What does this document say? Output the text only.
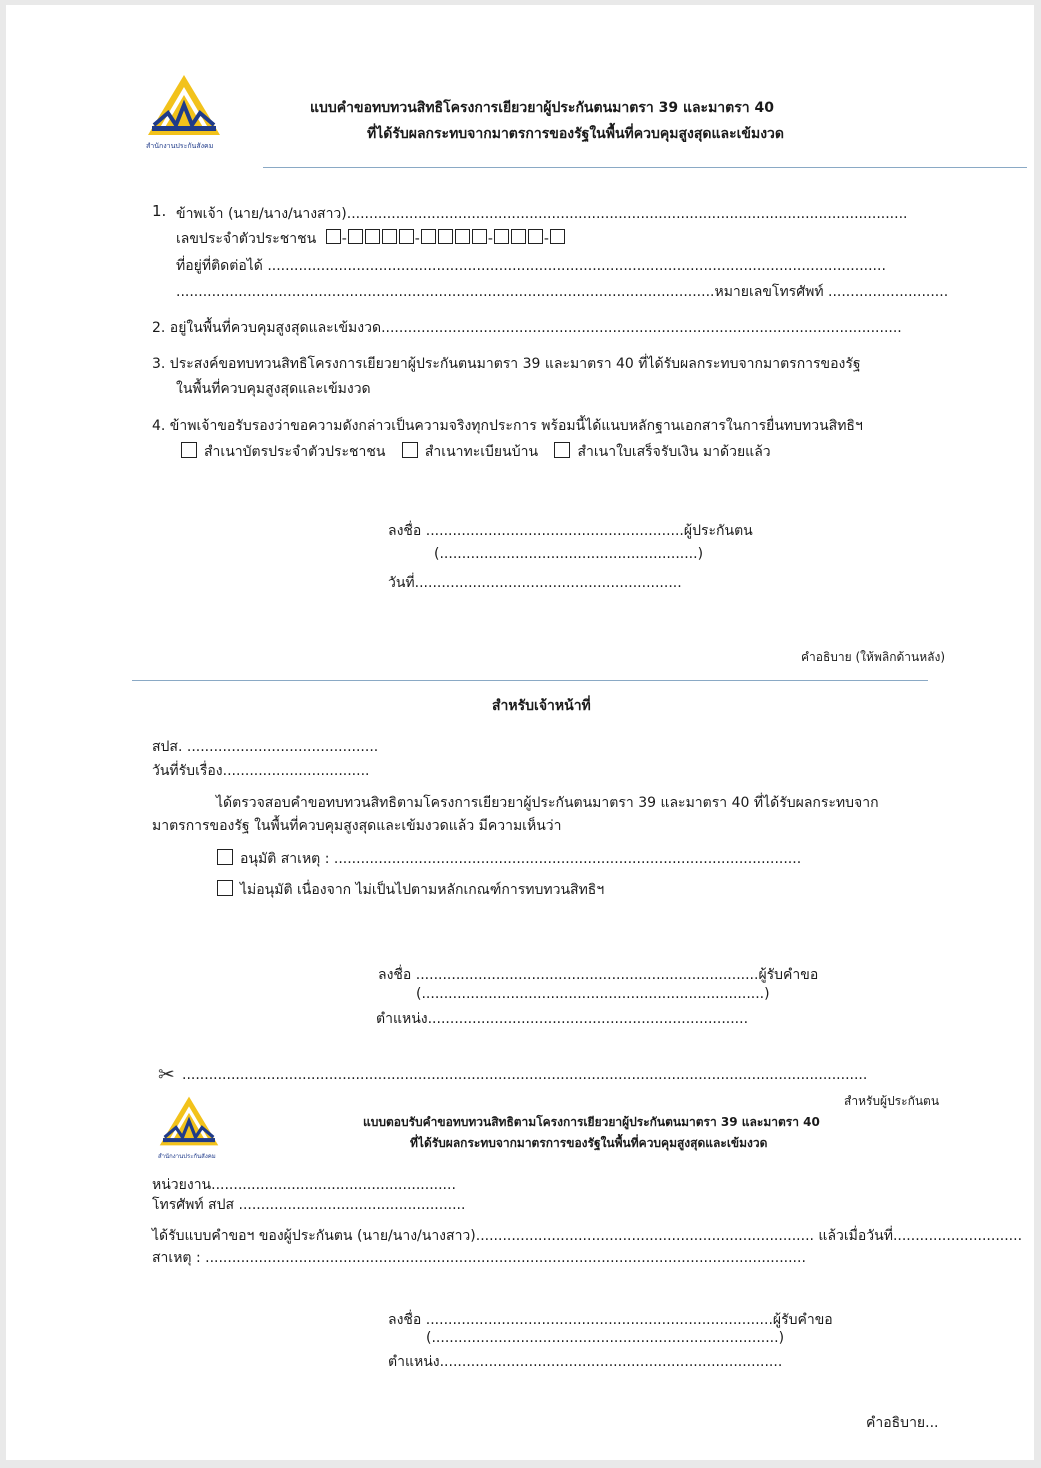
สำนักงานประกันสังคม
แบบคำขอทบทวนสิทธิโครงการเยียวยาผู้ประกันตนมาตรา 39 และมาตรา 40
ที่ได้รับผลกระทบจากมาตรการของรัฐในพื้นที่ควบคุมสูงสุดและเข้มงวด
1. ข้าพเจ้า (นาย/นาง/นางสาว)..............................................................................................................................
เลขประจำตัวประชาชน -	-	-	-
ที่อยู่ที่ติดต่อได้ ...........................................................................................................................................
.........................................................................................................................หมายเลขโทรศัพท์ ...........................
2. อยู่ในพื้นที่ควบคุมสูงสุดและเข้มงวด.....................................................................................................................
3. ประสงค์ขอทบทวนสิทธิโครงการเยียวยาผู้ประกันตนมาตรา 39 และมาตรา 40 ที่ได้รับผลกระทบจากมาตรการของรัฐ
ในพื้นที่ควบคุมสูงสุดและเข้มงวด
4. ข้าพเจ้าขอรับรองว่าขอความดังกล่าวเป็นความจริงทุกประการ พร้อมนี้ได้แนบหลักฐานเอกสารในการยื่นทบทวนสิทธิฯ
สำเนาบัตรประจำตัวประชาชน	สำเนาทะเบียนบ้าน	สำเนาใบเสร็จรับเงิน มาด้วยแล้ว
ลงชื่อ ..........................................................ผู้ประกันตน
(..........................................................)
วันที่............................................................
คำอธิบาย (ให้พลิกด้านหลัง)
สำหรับเจ้าหน้าที่
สปส. ...........................................
วันที่รับเรื่อง.................................
ได้ตรวจสอบคำขอทบทวนสิทธิตามโครงการเยียวยาผู้ประกันตนมาตรา 39 และมาตรา 40 ที่ได้รับผลกระทบจาก
มาตรการของรัฐ ในพื้นที่ควบคุมสูงสุดและเข้มงวดแล้ว มีความเห็นว่า
อนุมัติ สาเหตุ : .........................................................................................................
ไม่อนุมัติ เนื่องจาก ไม่เป็นไปตามหลักเกณฑ์การทบทวนสิทธิฯ
ลงชื่อ .............................................................................ผู้รับคำขอ
(.............................................................................)
ตำแหน่ง........................................................................
✂ ..........................................................................................................................................................
สำหรับผู้ประกันตน
สำนักงานประกันสังคม
แบบตอบรับคำขอทบทวนสิทธิตามโครงการเยียวยาผู้ประกันตนมาตรา 39 และมาตรา 40
ที่ได้รับผลกระทบจากมาตรการของรัฐในพื้นที่ควบคุมสูงสุดและเข้มงวด
หน่วยงาน.......................................................
โทรศัพท์ สปส ...................................................
ได้รับแบบคำขอฯ ของผู้ประกันตน (นาย/นาง/นางสาว)............................................................................ แล้วเมื่อวันที่.............................
สาเหตุ : .......................................................................................................................................
ลงชื่อ ..............................................................................ผู้รับคำขอ
(..............................................................................)
ตำแหน่ง.............................................................................
คำอธิบาย...
